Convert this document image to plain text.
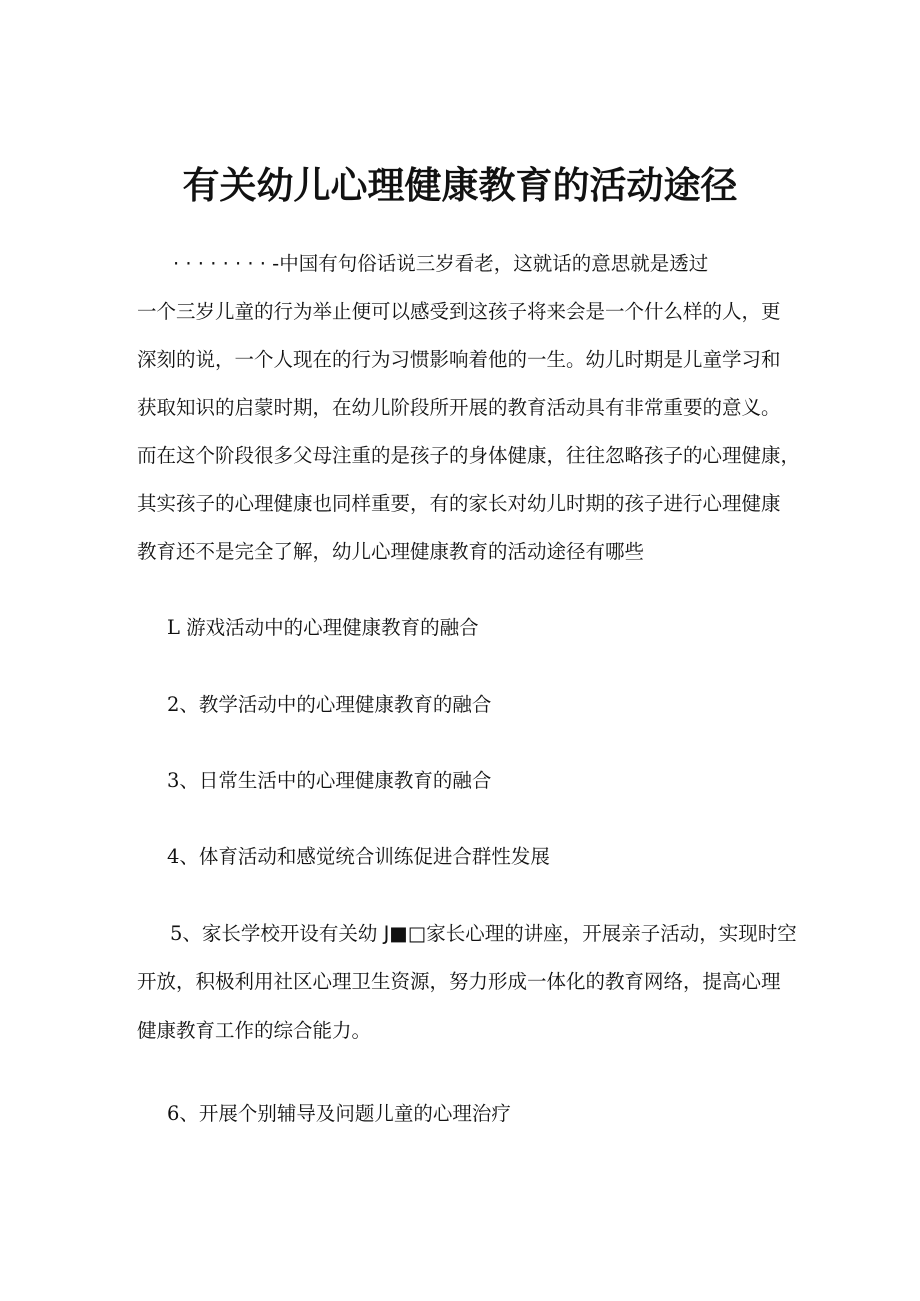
有关幼儿心理健康教育的活动途径
· · · · · · · · -中国有句俗话说三岁看老，这就话的意思就是透过
一个三岁儿童的行为举止便可以感受到这孩子将来会是一个什么样的人，更
深刻的说，一个人现在的行为习惯影响着他的一生。幼儿时期是儿童学习和
获取知识的启蒙时期，在幼儿阶段所开展的教育活动具有非常重要的意义。
而在这个阶段很多父母注重的是孩子的身体健康，往往忽略孩子的心理健康，
其实孩子的心理健康也同样重要，有的家长对幼儿时期的孩子进行心理健康
教育还不是完全了解，幼儿心理健康教育的活动途径有哪些
L 游戏活动中的心理健康教育的融合
2、教学活动中的心理健康教育的融合
3、日常生活中的心理健康教育的融合
4、体育活动和感觉统合训练促进合群性发展
5、家长学校开设有关幼 J■□家长心理的讲座，开展亲子活动，实现时空
开放，积极利用社区心理卫生资源，努力形成一体化的教育网络，提高心理
健康教育工作的综合能力。
6、开展个别辅导及问题儿童的心理治疗
